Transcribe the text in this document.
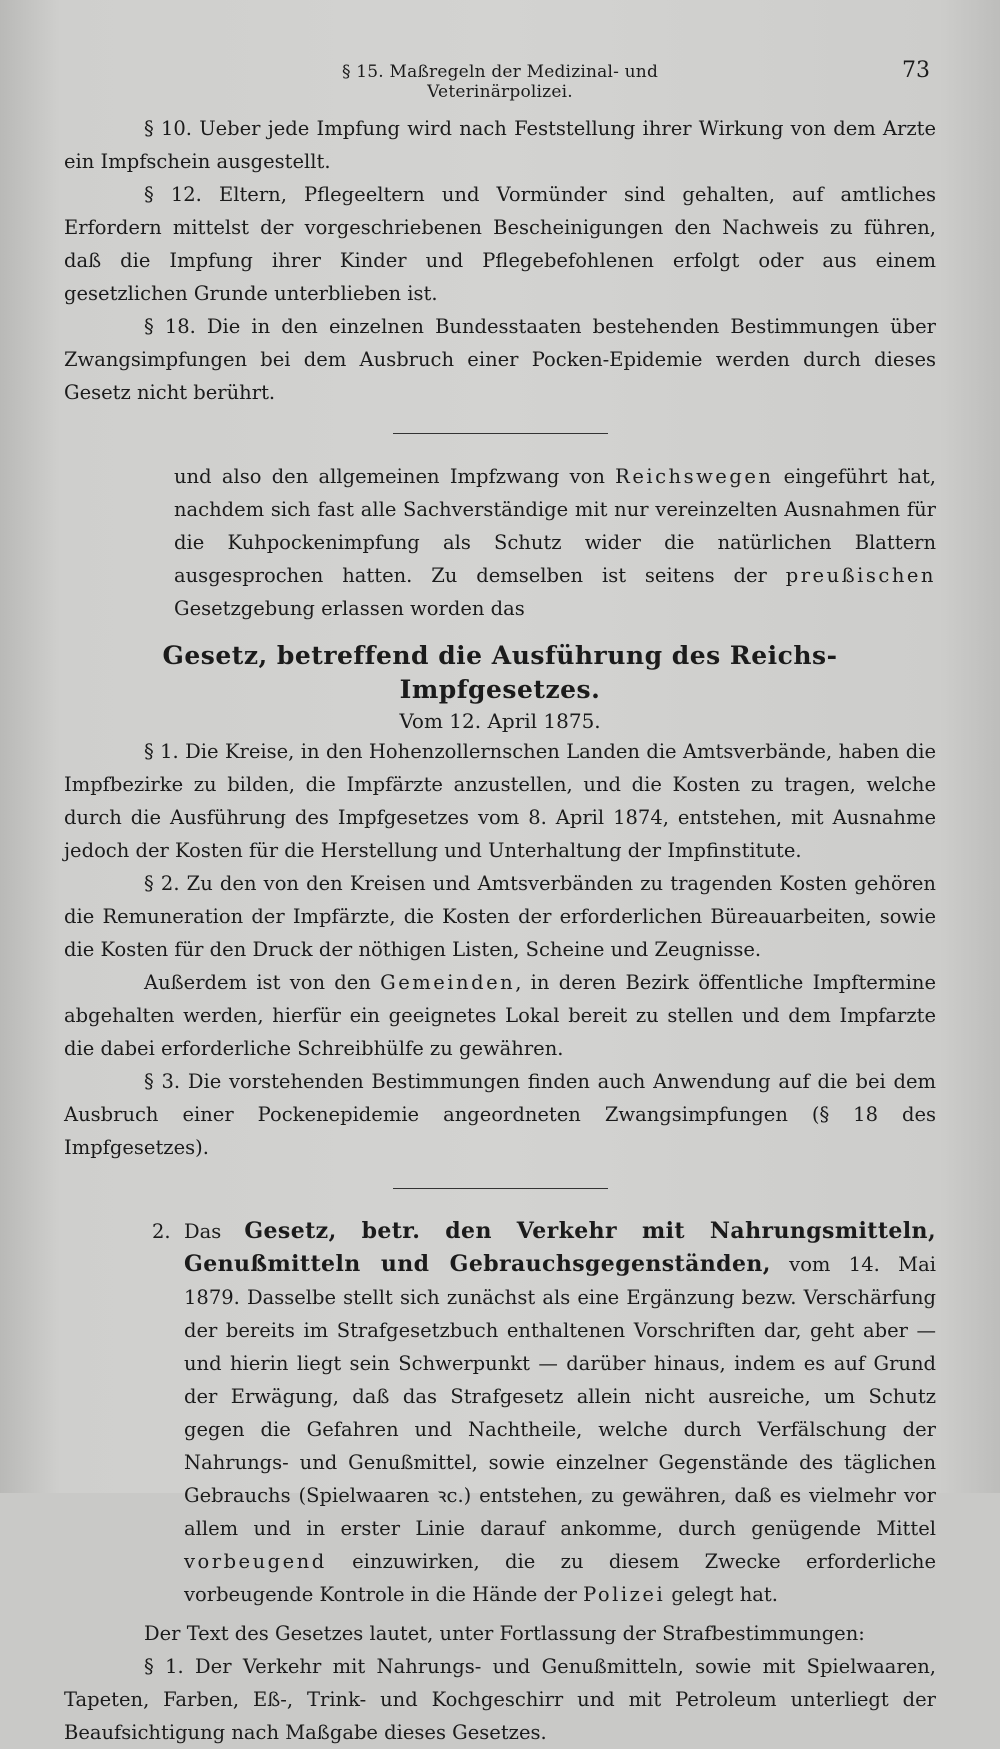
§ 15. Maßregeln der Medizinal- und Veterinärpolizei.
73

§ 10. Ueber jede Impfung wird nach Feststellung ihrer Wirkung von dem Arzte ein Impfschein ausgestellt.

§ 12. Eltern, Pflegeeltern und Vormünder sind gehalten, auf amtliches Erfordern mittelst der vorgeschriebenen Bescheinigungen den Nachweis zu führen, daß die Impfung ihrer Kinder und Pflegebefohlenen erfolgt oder aus einem gesetzlichen Grunde unterblieben ist.

§ 18. Die in den einzelnen Bundesstaaten bestehenden Bestimmungen über Zwangsimpfungen bei dem Ausbruch einer Pocken-Epidemie werden durch dieses Gesetz nicht berührt.

und also den allgemeinen Impfzwang von Reichswegen eingeführt hat, nachdem sich fast alle Sachverständige mit nur vereinzelten Ausnahmen für die Kuhpockenimpfung als Schutz wider die natürlichen Blattern ausgesprochen hatten. Zu demselben ist seitens der preußischen Gesetzgebung erlassen worden das

Gesetz, betreffend die Ausführung des Reichs-Impfgesetzes.
Vom 12. April 1875.

§ 1. Die Kreise, in den Hohenzollernschen Landen die Amtsverbände, haben die Impfbezirke zu bilden, die Impfärzte anzustellen, und die Kosten zu tragen, welche durch die Ausführung des Impfgesetzes vom 8. April 1874, entstehen, mit Ausnahme jedoch der Kosten für die Herstellung und Unterhaltung der Impfinstitute.

§ 2. Zu den von den Kreisen und Amtsverbänden zu tragenden Kosten gehören die Remuneration der Impfärzte, die Kosten der erforderlichen Büreauarbeiten, sowie die Kosten für den Druck der nöthigen Listen, Scheine und Zeugnisse.

Außerdem ist von den Gemeinden, in deren Bezirk öffentliche Impftermine abgehalten werden, hierfür ein geeignetes Lokal bereit zu stellen und dem Impfarzte die dabei erforderliche Schreibhülfe zu gewähren.

§ 3. Die vorstehenden Bestimmungen finden auch Anwendung auf die bei dem Ausbruch einer Pockenepidemie angeordneten Zwangsimpfungen (§ 18 des Impfgesetzes).

2. Das Gesetz, betr. den Verkehr mit Nahrungsmitteln, Genußmitteln und Gebrauchsgegenständen, vom 14. Mai 1879. Dasselbe stellt sich zunächst als eine Ergänzung bezw. Verschärfung der bereits im Strafgesetzbuch enthaltenen Vorschriften dar, geht aber — und hierin liegt sein Schwerpunkt — darüber hinaus, indem es auf Grund der Erwägung, daß das Strafgesetz allein nicht ausreiche, um Schutz gegen die Gefahren und Nachtheile, welche durch Verfälschung der Nahrungs- und Genußmittel, sowie einzelner Gegenstände des täglichen Gebrauchs (Spielwaaren ꝛc.) entstehen, zu gewähren, daß es vielmehr vor allem und in erster Linie darauf ankomme, durch genügende Mittel vorbeugend einzuwirken, die zu diesem Zwecke erforderliche vorbeugende Kontrole in die Hände der Polizei gelegt hat.

Der Text des Gesetzes lautet, unter Fortlassung der Strafbestimmungen:

§ 1. Der Verkehr mit Nahrungs- und Genußmitteln, sowie mit Spielwaaren, Tapeten, Farben, Eß-, Trink- und Kochgeschirr und mit Petroleum unterliegt der Beaufsichtigung nach Maßgabe dieses Gesetzes.
